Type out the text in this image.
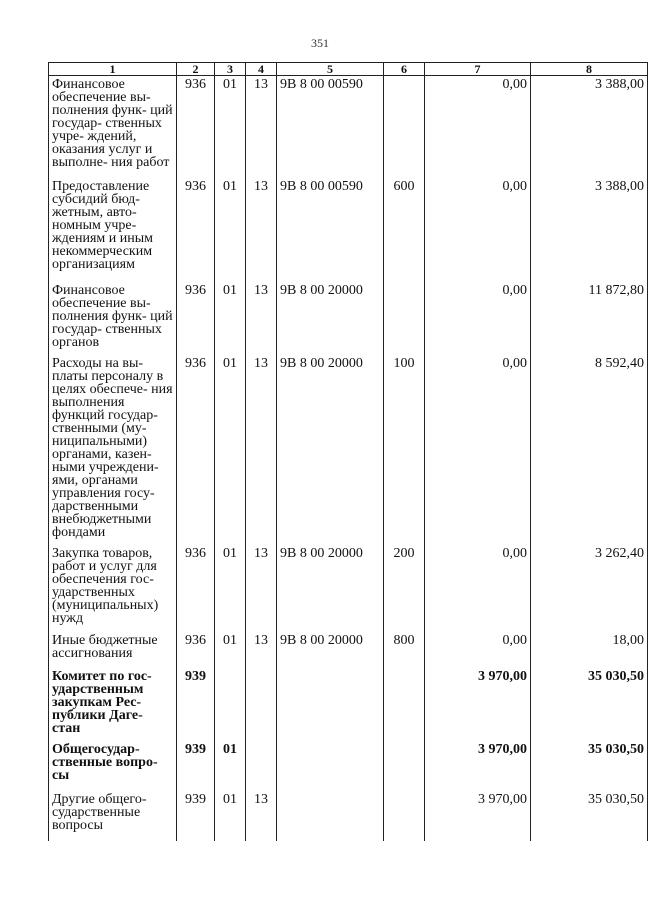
351
1	2	3	4	5	6	7	8
Финансовое обеспечение вы- полнения функ- ций государ- ственных учре- ждений, оказания услуг и выполне- ния работ	936	01	13	9В 8 00 00590		0,00	3 388,00
Предоставление субсидий бюд- жетным, авто- номным учре- ждениям и иным некоммерческим организациям	936	01	13	9В 8 00 00590	600	0,00	3 388,00
Финансовое обеспечение вы- полнения функ- ций государ- ственных органов	936	01	13	9В 8 00 20000		0,00	11 872,80
Расходы на вы- платы персоналу в целях обеспече- ния выполнения функций государ- ственными (му- ниципальными) органами, казен- ными учреждени- ями, органами управления госу- дарственными внебюджетными фондами	936	01	13	9В 8 00 20000	100	0,00	8 592,40
Закупка товаров, работ и услуг для обеспечения гос- ударственных (муниципальных) нужд	936	01	13	9В 8 00 20000	200	0,00	3 262,40
Иные бюджетные ассигнования	936	01	13	9В 8 00 20000	800	0,00	18,00
Комитет по гос- ударственным закупкам Рес- публики Даге- стан	939					3 970,00	35 030,50
Общегосудар- ственные вопро- сы	939	01				3 970,00	35 030,50
Другие общего- сударственные вопросы	939	01	13			3 970,00	35 030,50
